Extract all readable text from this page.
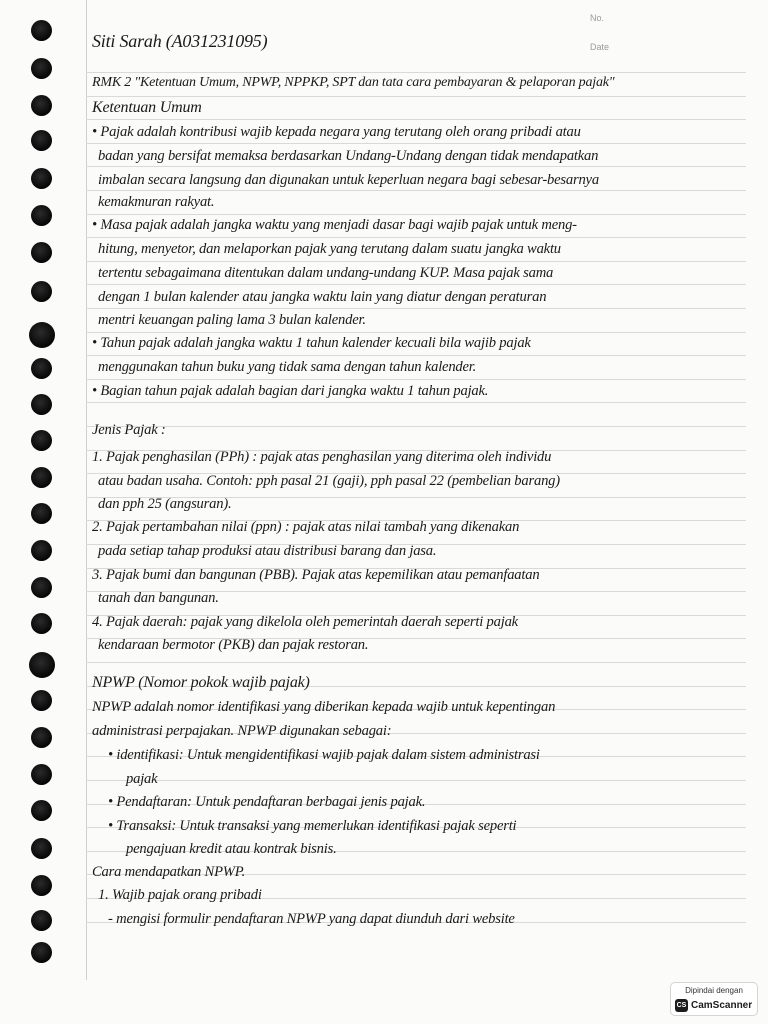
No.
Date
Siti Sarah (A031231095)
RMK 2 "Ketentuan Umum, NPWP, NPPKP, SPT dan tata cara pembayaran & pelaporan pajak"
Ketentuan Umum
• Pajak adalah kontribusi wajib kepada negara yang terutang oleh orang pribadi atau
badan yang bersifat memaksa berdasarkan Undang-Undang dengan tidak mendapatkan
imbalan secara langsung dan digunakan untuk keperluan negara bagi sebesar-besarnya
kemakmuran rakyat.
• Masa pajak adalah jangka waktu yang menjadi dasar bagi wajib pajak untuk meng-
hitung, menyetor, dan melaporkan pajak yang terutang dalam suatu jangka waktu
tertentu sebagaimana ditentukan dalam undang-undang KUP. Masa pajak sama
dengan 1 bulan kalender atau jangka waktu lain yang diatur dengan peraturan
mentri keuangan paling lama 3 bulan kalender.
• Tahun pajak adalah jangka waktu 1 tahun kalender kecuali bila wajib pajak
menggunakan tahun buku yang tidak sama dengan tahun kalender.
• Bagian tahun pajak adalah bagian dari jangka waktu 1 tahun pajak.
Jenis Pajak :
1. Pajak penghasilan (PPh) : pajak atas penghasilan yang diterima oleh individu
atau badan usaha. Contoh: pph pasal 21 (gaji), pph pasal 22 (pembelian barang)
dan pph 25 (angsuran).
2. Pajak pertambahan nilai (ppn) : pajak atas nilai tambah yang dikenakan
pada setiap tahap produksi atau distribusi barang dan jasa.
3. Pajak bumi dan bangunan (PBB). Pajak atas kepemilikan atau pemanfaatan
tanah dan bangunan.
4. Pajak daerah: pajak yang dikelola oleh pemerintah daerah seperti pajak
kendaraan bermotor (PKB) dan pajak restoran.
NPWP (Nomor pokok wajib pajak)
NPWP adalah nomor identifikasi yang diberikan kepada wajib untuk kepentingan
administrasi perpajakan. NPWP digunakan sebagai:
• identifikasi: Untuk mengidentifikasi wajib pajak dalam sistem administrasi
pajak
• Pendaftaran: Untuk pendaftaran berbagai jenis pajak.
• Transaksi: Untuk transaksi yang memerlukan identifikasi pajak seperti
pengajuan kredit atau kontrak bisnis.
Cara mendapatkan NPWP.
1. Wajib pajak orang pribadi
- mengisi formulir pendaftaran NPWP yang dapat diunduh dari website
Dipindai dengan
CS CamScanner
